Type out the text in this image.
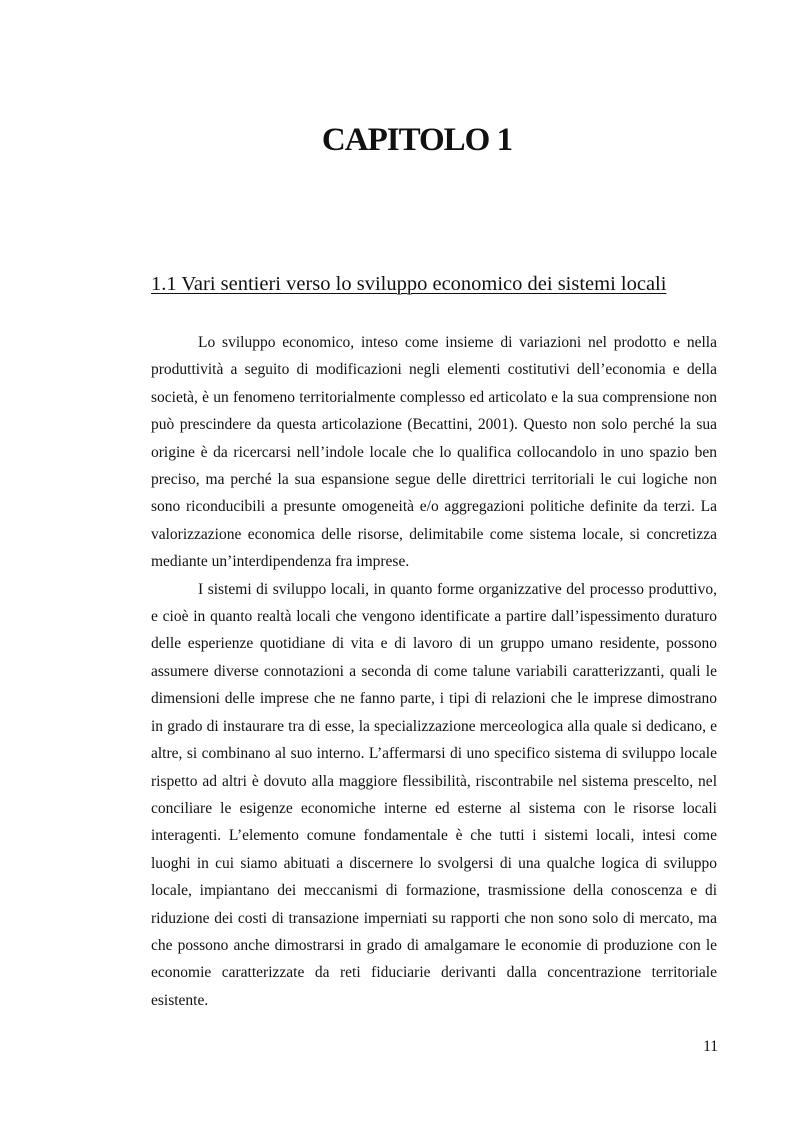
CAPITOLO 1
1.1 Vari sentieri verso lo sviluppo economico dei sistemi locali

Lo sviluppo economico, inteso come insieme di variazioni nel prodotto e nella produttività a seguito di modificazioni negli elementi costitutivi dell’economia e della società, è un fenomeno territorialmente complesso ed articolato e la sua comprensione non può prescindere da questa articolazione (Becattini, 2001). Questo non solo perché la sua origine è da ricercarsi nell’indole locale che lo qualifica collocandolo in uno spazio ben preciso, ma perché la sua espansione segue delle direttrici territoriali le cui logiche non sono riconducibili a presunte omogeneità e/o aggregazioni politiche definite da terzi. La valorizzazione economica delle risorse, delimitabile come sistema locale, si concretizza mediante un’interdipendenza fra imprese.

I sistemi di sviluppo locali, in quanto forme organizzative del processo produttivo, e cioè in quanto realtà locali che vengono identificate a partire dall’ispessimento duraturo delle esperienze quotidiane di vita e di lavoro di un gruppo umano residente, possono assumere diverse connotazioni a seconda di come talune variabili caratterizzanti, quali le dimensioni delle imprese che ne fanno parte, i tipi di relazioni che le imprese dimostrano in grado di instaurare tra di esse, la specializzazione merceologica alla quale si dedicano, e altre, si combinano al suo interno. L’affermarsi di uno specifico sistema di sviluppo locale rispetto ad altri è dovuto alla maggiore flessibilità, riscontrabile nel sistema prescelto, nel conciliare le esigenze economiche interne ed esterne al sistema con le risorse locali interagenti. L’elemento comune fondamentale è che tutti i sistemi locali, intesi come luoghi in cui siamo abituati a discernere lo svolgersi di una qualche logica di sviluppo locale, impiantano dei meccanismi di formazione, trasmissione della conoscenza e di riduzione dei costi di transazione imperniati su rapporti che non sono solo di mercato, ma che possono anche dimostrarsi in grado di amalgamare le economie di produzione con le economie caratterizzate da reti fiduciarie derivanti dalla concentrazione territoriale esistente.

11
